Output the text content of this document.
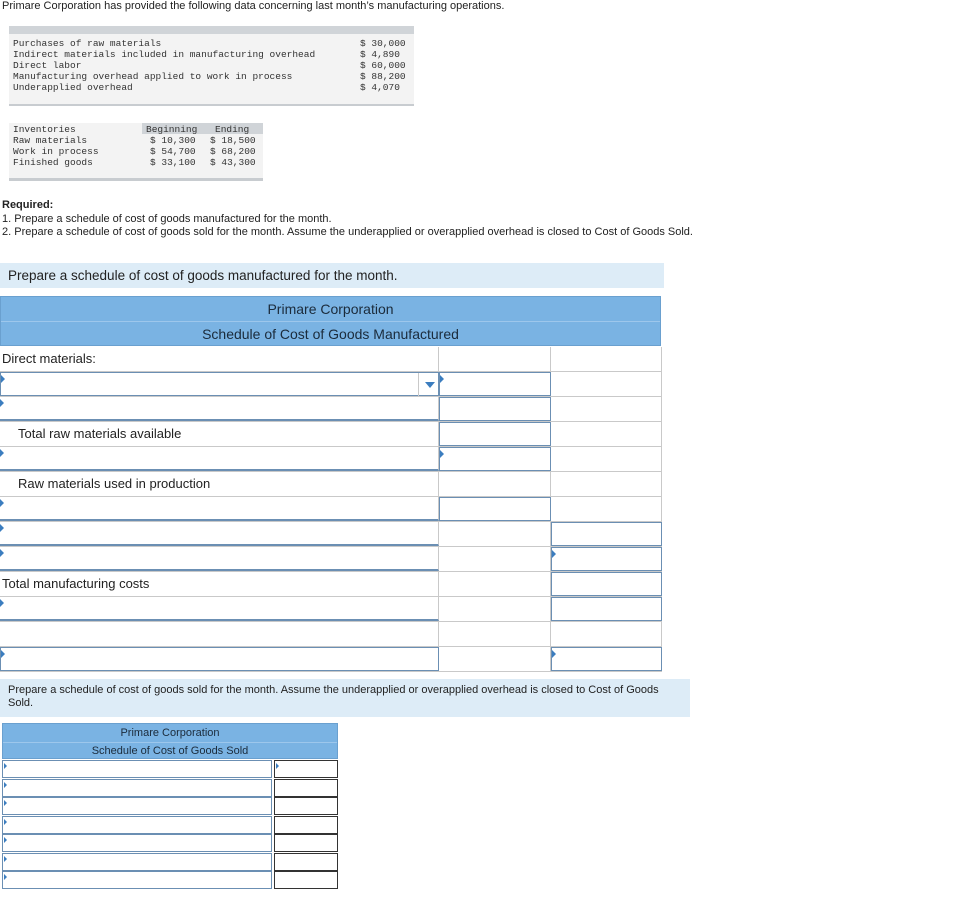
Primare Corporation has provided the following data concerning last month’s manufacturing operations.
Purchases of raw materials	$ 30,000
Indirect materials included in manufacturing overhead	$ 4,890
Direct labor	$ 60,000
Manufacturing overhead applied to work in process	$ 88,200
Underapplied overhead	$ 4,070
Inventories	Beginning Ending
Raw materials	$ 10,300 $ 18,500
Work in process	$ 54,700 $ 68,200
Finished goods	$ 33,100 $ 43,300
Required:
1. Prepare a schedule of cost of goods manufactured for the month.
2. Prepare a schedule of cost of goods sold for the month. Assume the underapplied or overapplied overhead is closed to Cost of Goods Sold.
Prepare a schedule of cost of goods manufactured for the month.
Primare Corporation
Schedule of Cost of Goods Manufactured
Direct materials:
Total raw materials available
Raw materials used in production
Total manufacturing costs
Prepare a schedule of cost of goods sold for the month. Assume the underapplied or overapplied overhead is closed to Cost of Goods Sold.
Primare Corporation
Schedule of Cost of Goods Sold
